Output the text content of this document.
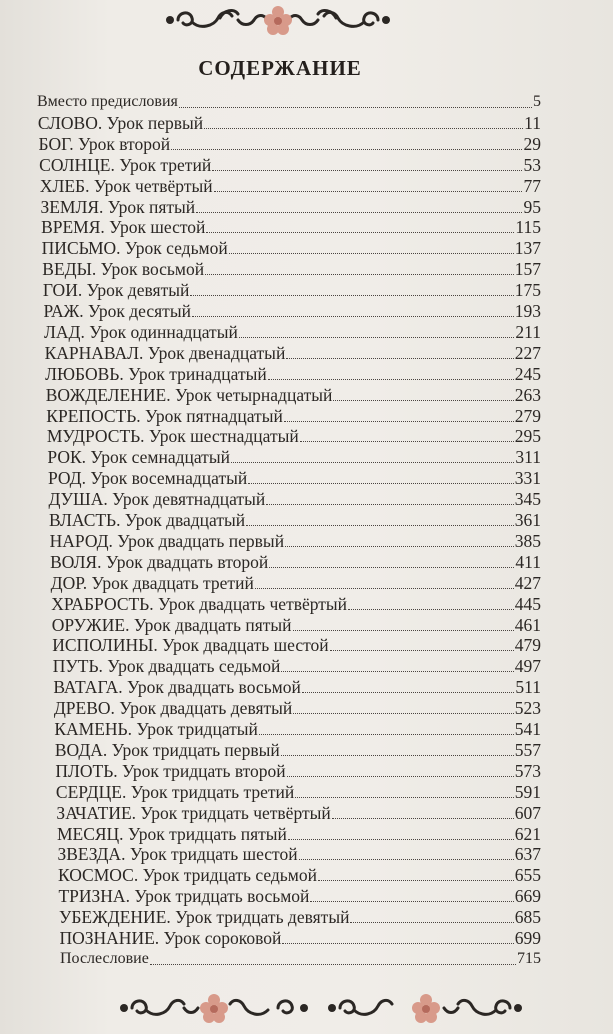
СОДЕРЖАНИЕ
Вместо предисловия	5
СЛОВО. Урок первый	11
БОГ. Урок второй	29
СОЛНЦЕ. Урок третий	53
ХЛЕБ. Урок четвёртый	77
ЗЕМЛЯ. Урок пятый	95
ВРЕМЯ. Урок шестой	115
ПИСЬМО. Урок седьмой	137
ВЕДЫ. Урок восьмой	157
ГОИ. Урок девятый	175
РАЖ. Урок десятый	193
ЛАД. Урок одиннадцатый	211
КАРНАВАЛ. Урок двенадцатый	227
ЛЮБОВЬ. Урок тринадцатый	245
ВОЖДЕЛЕНИЕ. Урок четырнадцатый	263
КРЕПОСТЬ. Урок пятнадцатый	279
МУДРОСТЬ. Урок шестнадцатый	295
РОК. Урок семнадцатый	311
РОД. Урок восемнадцатый	331
ДУША. Урок девятнадцатый	345
ВЛАСТЬ. Урок двадцатый	361
НАРОД. Урок двадцать первый	385
ВОЛЯ. Урок двадцать второй	411
ДОР. Урок двадцать третий	427
ХРАБРОСТЬ. Урок двадцать четвёртый	445
ОРУЖИЕ. Урок двадцать пятый	461
ИСПОЛИНЫ. Урок двадцать шестой	479
ПУТЬ. Урок двадцать седьмой	497
ВАТАГА. Урок двадцать восьмой	511
ДРЕВО. Урок двадцать девятый	523
КАМЕНЬ. Урок тридцатый	541
ВОДА. Урок тридцать первый	557
ПЛОТЬ. Урок тридцать второй	573
СЕРДЦЕ. Урок тридцать третий	591
ЗАЧАТИЕ. Урок тридцать четвёртый	607
МЕСЯЦ. Урок тридцать пятый	621
ЗВЕЗДА. Урок тридцать шестой	637
КОСМОС. Урок тридцать седьмой	655
ТРИЗНА. Урок тридцать восьмой	669
УБЕЖДЕНИЕ. Урок тридцать девятый	685
ПОЗНАНИЕ. Урок сороковой	699
Послесловие	715
